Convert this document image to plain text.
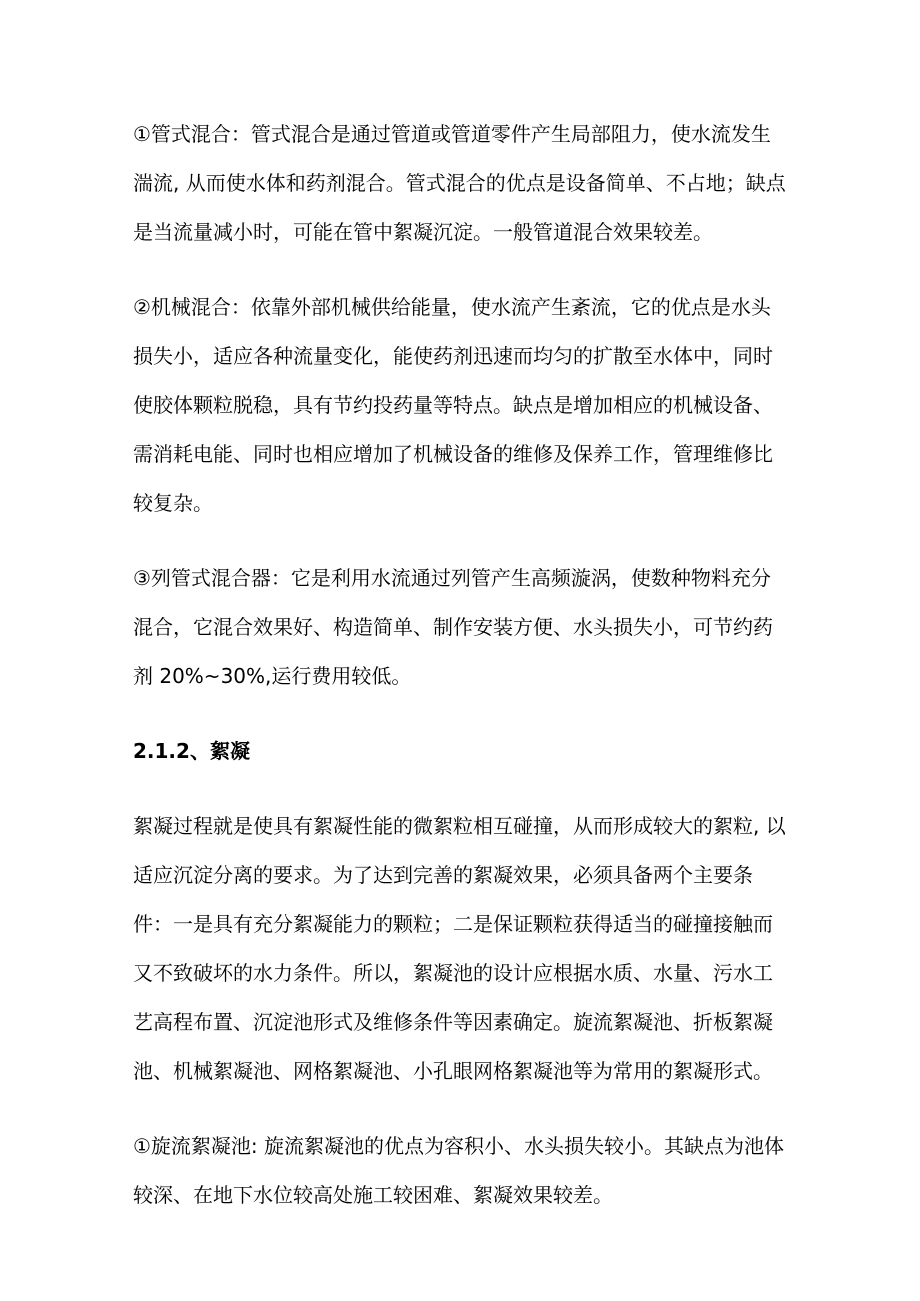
①管式混合：管式混合是通过管道或管道零件产生局部阻力，使水流发生
湍流, 从而使水体和药剂混合。管式混合的优点是设备简单、不占地；缺点
是当流量减小时，可能在管中絮凝沉淀。一般管道混合效果较差。

②机械混合：依靠外部机械供给能量，使水流产生紊流，它的优点是水头
损失小，适应各种流量变化，能使药剂迅速而均匀的扩散至水体中，同时
使胶体颗粒脱稳，具有节约投药量等特点。缺点是增加相应的机械设备、
需消耗电能、同时也相应增加了机械设备的维修及保养工作，管理维修比
较复杂。

③列管式混合器：它是利用水流通过列管产生高频漩涡，使数种物料充分
混合，它混合效果好、构造简单、制作安装方便、水头损失小，可节约药
剂 20%~30%,运行费用较低。

2.1.2、絮凝

絮凝过程就是使具有絮凝性能的微絮粒相互碰撞，从而形成较大的絮粒, 以
适应沉淀分离的要求。为了达到完善的絮凝效果，必须具备两个主要条
件：一是具有充分絮凝能力的颗粒；二是保证颗粒获得适当的碰撞接触而
又不致破坏的水力条件。所以，絮凝池的设计应根据水质、水量、污水工
艺高程布置、沉淀池形式及维修条件等因素确定。旋流絮凝池、折板絮凝
池、机械絮凝池、网格絮凝池、小孔眼网格絮凝池等为常用的絮凝形式。

①旋流絮凝池: 旋流絮凝池的优点为容积小、水头损失较小。其缺点为池体
较深、在地下水位较高处施工较困难、絮凝效果较差。
